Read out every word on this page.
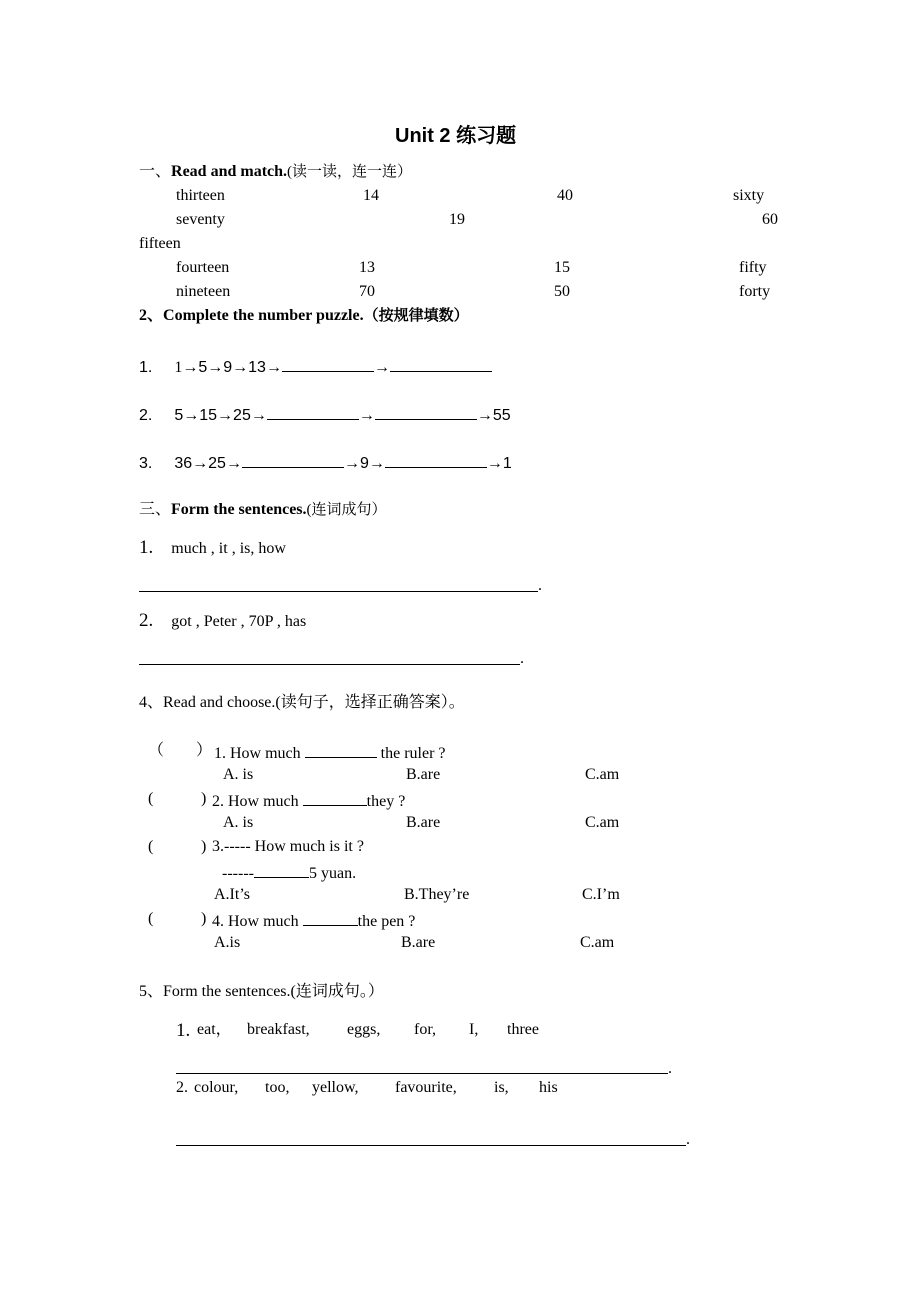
Unit 2 练习题
一、Read and match.(读一读，连一连）
thirteen	14	40	sixty
seventy	19	60
fifteen
fourteen	13	15	fifty
nineteen	70	50	forty
2、Complete the number puzzle.（按规律填数）
1. 1→5→9→13→	→
2. 5→15→25→	→	→55
3. 36→25→	→9→	→1
三、Form the sentences.(连词成句）
1. much , it , is, how
.
2. got , Peter , 70P , has
.
4、Read and choose.(读句子，选择正确答案）。
（ ） 1. How much	the ruler ?
A. is	B.are	C.am
(	) 2. How much	they ?
A. is	B.are	C.am
(	) 3.----- How much is it ?
------	5 yuan.
A.It’s	B.They’re	C.I’m
(	) 4. How much	the pen ?
A.is	B.are	C.am
5、Form the sentences.(连词成句。）
1. eat， breakfast, eggs, for, I, three
.
2. colour, too, yellow, favourite, is, his
.
